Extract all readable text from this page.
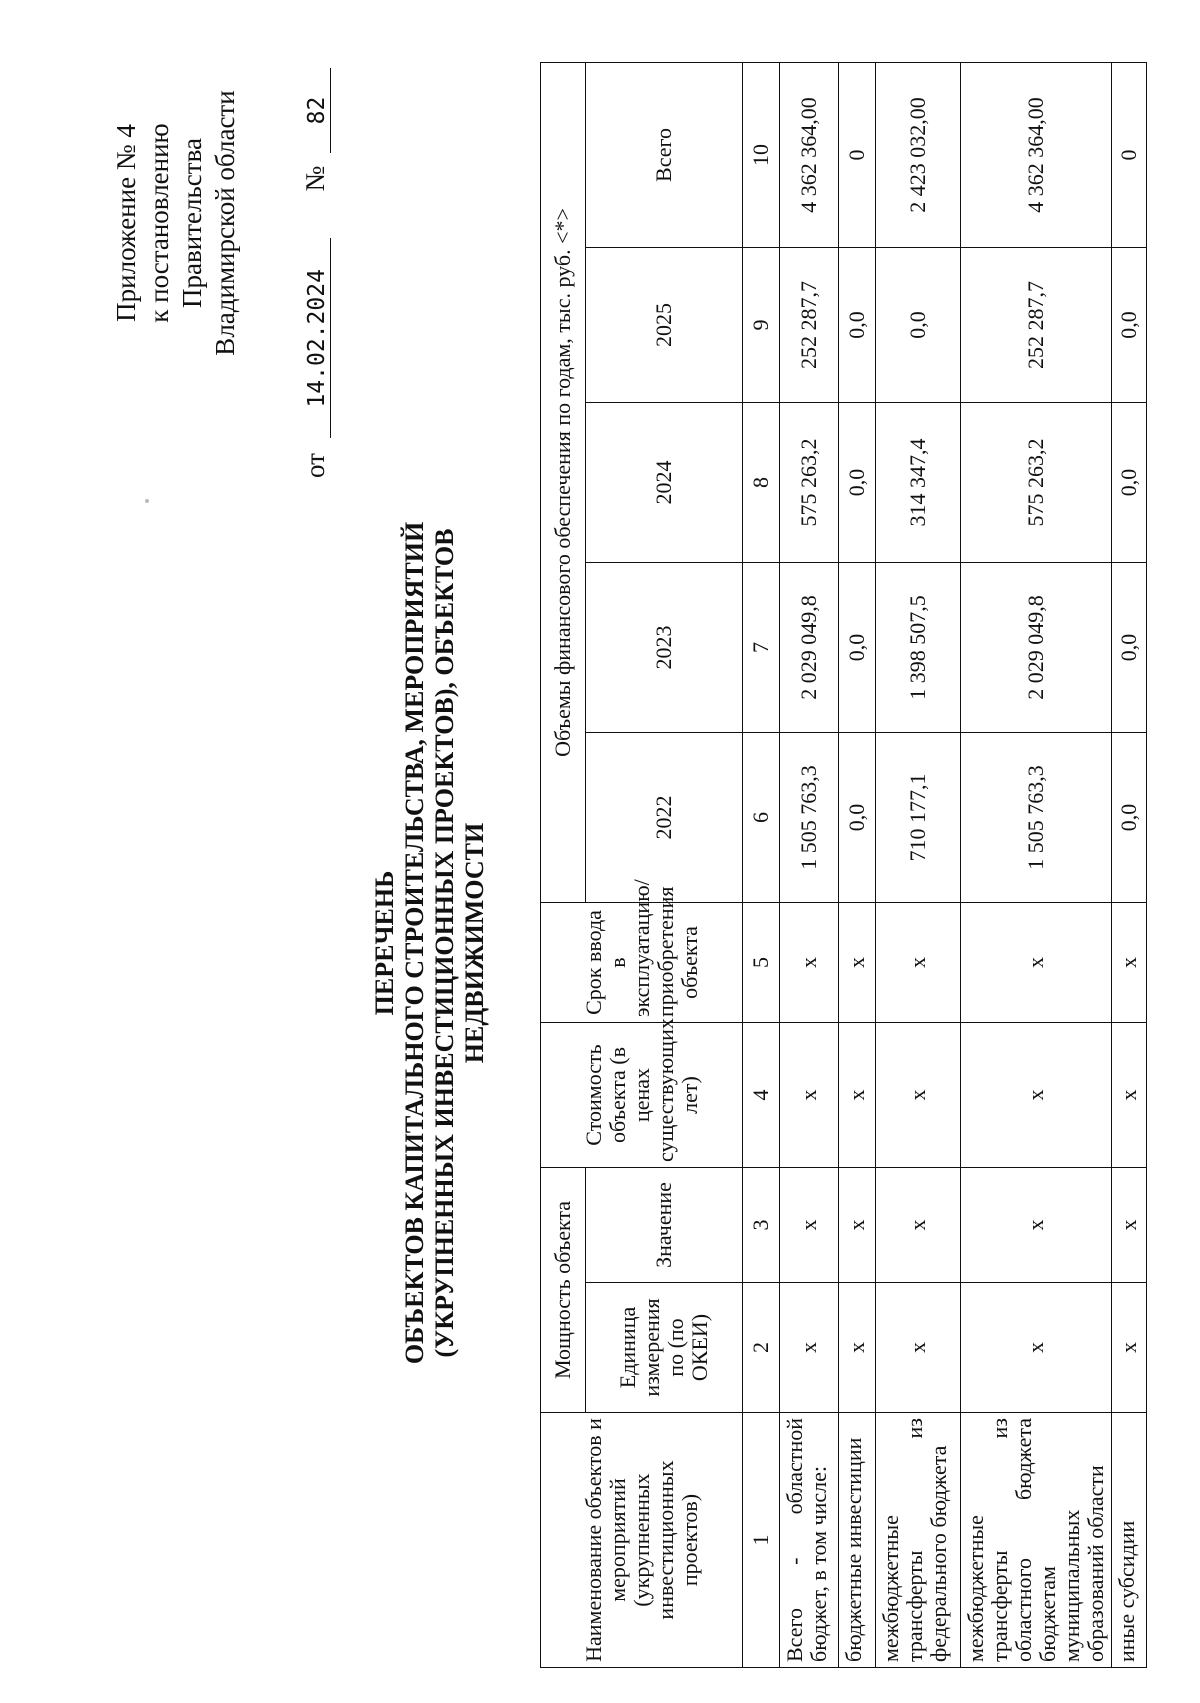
Приложение № 4 к постановлению Правительства Владимирской области
от 14.02.2024 № 82
ПЕРЕЧЕНЬ ОБЪЕКТОВ КАПИТАЛЬНОГО СТРОИТЕЛЬСТВА, МЕРОПРИЯТИЙ (УКРУПНЕННЫХ ИНВЕСТИЦИОННЫХ ПРОЕКТОВ), ОБЪЕКТОВ НЕДВИЖИМОСТИ
Наименование объектов и мероприятий (укрупненных инвестиционных проектов)	Мощность объекта		Стоимость объекта (в ценах существующих лет)	Срок ввода в эксплуатацию/ приобретения объекта	Объемы финансового обеспечения по годам, тыс. руб. <*>				
	Единица измерения по (по ОКЕИ)	Значение			2022	2023	2024	2025	Всего
1	2	3	4	5	6	7	8	9	10
Всего - областной бюджет, в том числе:	x	x	x	x	1 505 763,3	2 029 049,8	575 263,2	252 287,7	4 362 364,00
бюджетные инвестиции	x	x	x	x	0,0	0,0	0,0	0,0	0
межбюджетные трансферты из федерального бюджета	x	x	x	x	710 177,1	1 398 507,5	314 347,4	0,0	2 423 032,00
межбюджетные трансферты из областного бюджета бюджетам муниципальных образований области	x	x	x	x	1 505 763,3	2 029 049,8	575 263,2	252 287,7	4 362 364,00
иные субсидии	x	x	x	x	0,0	0,0	0,0	0,0	0
